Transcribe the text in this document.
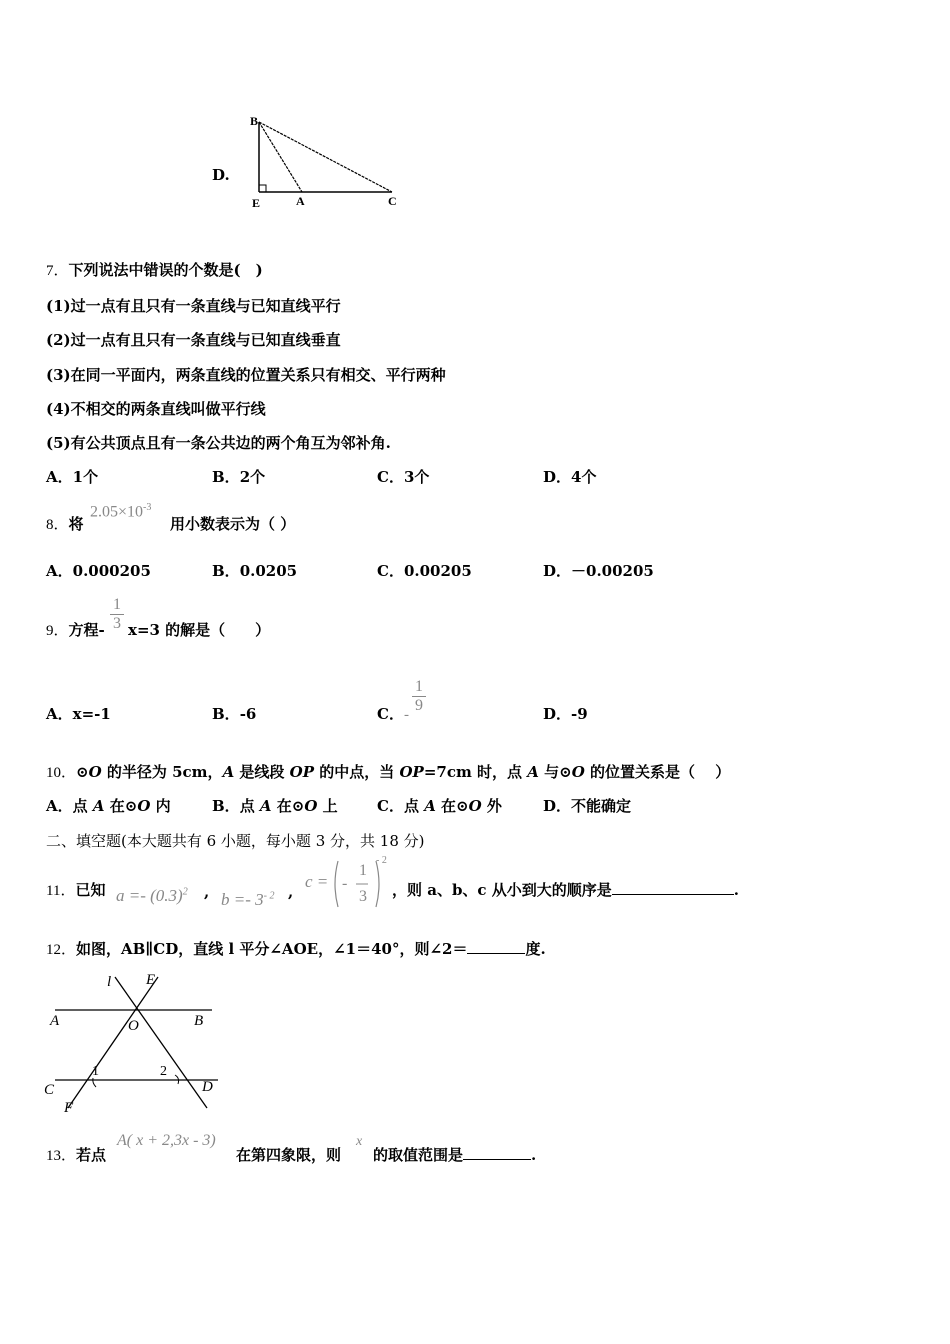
D.
B
E	A	C
7．下列说法中错误的个数是(　)
(1)过一点有且只有一条直线与已知直线平行
(2)过一点有且只有一条直线与已知直线垂直
(3)在同一平面内，两条直线的位置关系只有相交、平行两种
(4)不相交的两条直线叫做平行线
(5)有公共顶点且有一条公共边的两个角互为邻补角.
A．1个	B．2个	C．3个	D．4个
8．将
$2.05\times 10^{-3}$
用小数表示为（ ）
A．0.000205	B．0.0205	C．0.00205	D．－0.00205
9．方程- $\frac{1}{3} x=3$ 的解是（　　）
A．x=-1	B．-6	C．- $\frac{1}{9}$	D．-9
10．⊙O 的半径为 5cm，A 是线段 OP 的中点，当 OP=7cm 时，点 A 与⊙O 的位置关系是（　 ）
A．点 A 在⊙O 内	B．点 A 在⊙O 上	C．点 A 在⊙O 外	D．不能确定
二、填空题(本大题共有 6 小题，每小题 3 分，共 18 分)
11．已知 $a =- (0.3)^2$ , $b =- 3^{- 2}$ ,
c = -
1
3
- 2
，则 a、b、c 从小到大的顺序是	.
12．如图，AB∥CD，直线 l 平分∠AOE，∠1＝40°，则∠2＝	度.
l E
A	O	B
1	2
C	D
F
13．若点
A( x + 2,3x - 3)
在第四象限，则
x
的取值范围是	.
